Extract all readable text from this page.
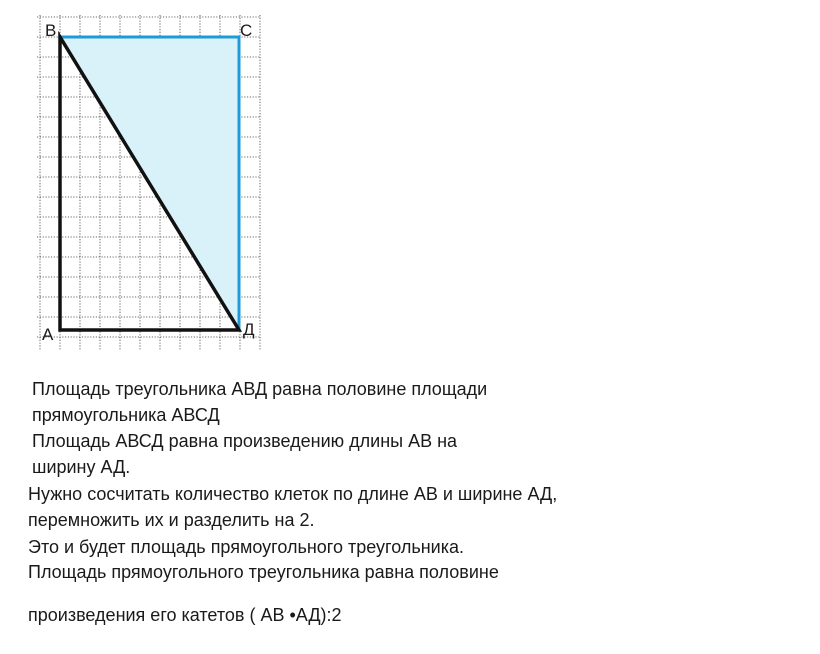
B	C
A	Д

Площадь треугольника АВД равна половине площади

прямоугольника АВСД

Площадь АВСД равна произведению длины АВ на

ширину АД.

Нужно сосчитать количество клеток по длине АВ и ширине АД,

перемножить их и разделить на 2.

Это и будет площадь прямоугольного треугольника.

Площадь прямоугольного треугольника равна половине

произведения его катетов ( АВ •АД):2
